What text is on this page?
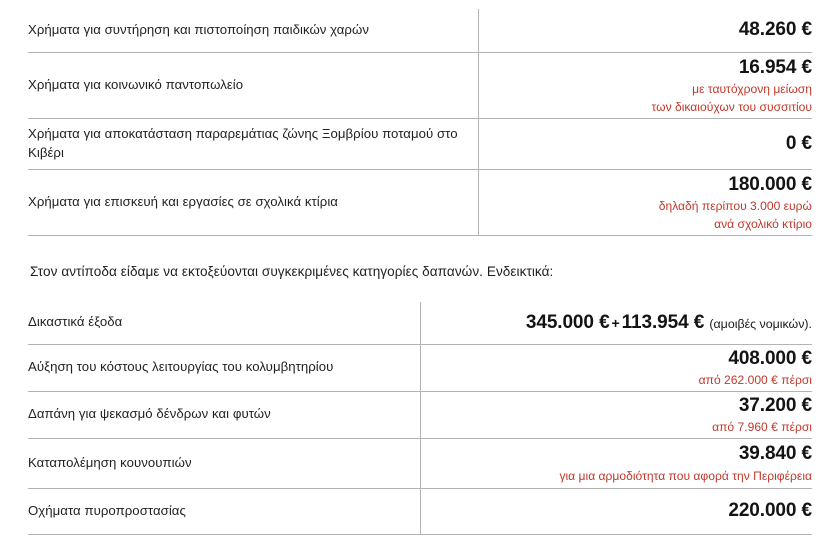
Χρήματα για συντήρηση και πιστοποίηση παιδικών χαρών	48.260 €
Χρήματα για κοινωνικό παντοπωλείο	16.954 €
με ταυτόχρονη μείωση
των δικαιούχων του συσσιτίου

Χρήματα για αποκατάσταση παραρεμάτιας ζώνης Ξομβρίου ποταμού στο Κιβέρι	0 €
Χρήματα για επισκευή και εργασίες σε σχολικά κτίρια	180.000 €
δηλαδή περίπου 3.000 ευρώ
ανά σχολικό κτίριο

Στον αντίποδα είδαμε να εκτοξεύονται συγκεκριμένες κατηγορίες δαπανών. Ενδεικτικά:

Δικαστικά έξοδα	345.000 € + 113.954 € (αμοιβές νομικών).
Αύξηση του κόστους λειτουργίας του κολυμβητηρίου	408.000 €
από 262.000 € πέρσι

Δαπάνη για ψεκασμό δένδρων και φυτών	37.200 €
από 7.960 € πέρσι

Καταπολέμηση κουνουπιών	39.840 €
για μια αρμοδιότητα που αφορά την Περιφέρεια

Οχήματα πυροπροστασίας	220.000 €
